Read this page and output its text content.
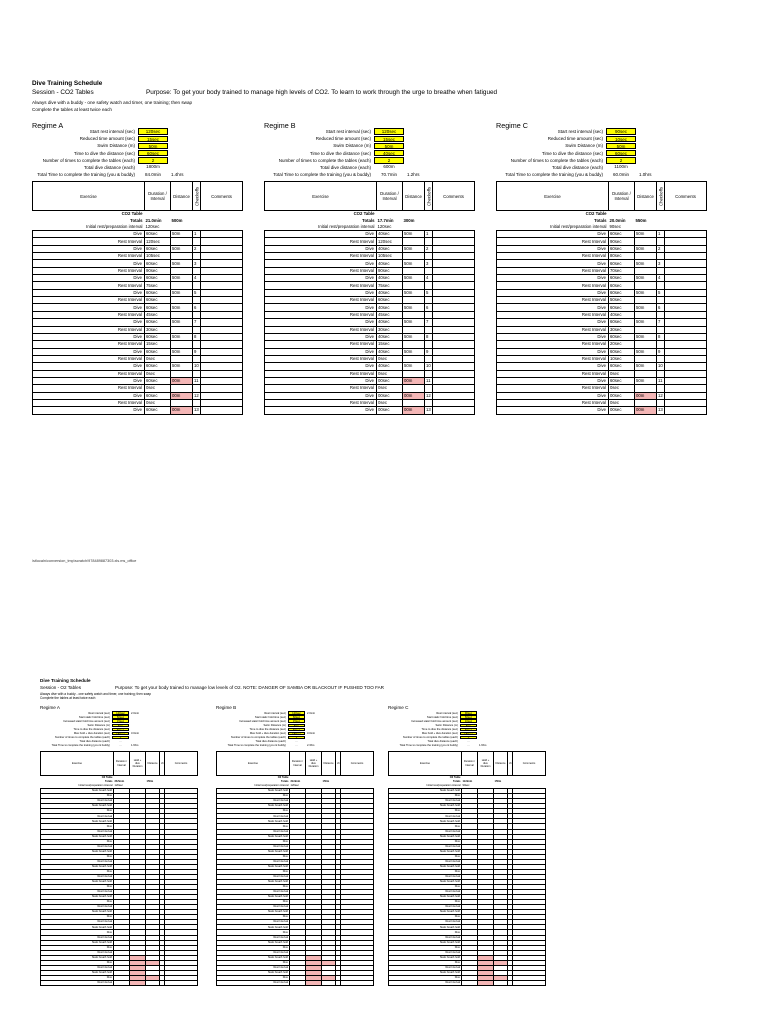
Dive Training Schedule
Session - CO2 Tables	Purpose: To get your body trained to manage high levels of CO2. To learn to work through the urge to breathe when fatigued
Always dive with a buddy - one safety watch and timer, one training; then swap
Complete the tables at least twice each
Regime A
Start rest interval (sec)	120sec
Reduced time amount (sec)	15sec
Swim Distance (m)	50m
Time to dive the distance (sec)	60sec
Number of times to complete the tables (each)	2
Total dive distance (each)	1800m
Total Time to complete the training (you & buddy)	84.0min	1.4hrs
Exercise	Duration / Interval	Distance	Checkoffs	Comments
CO2 Table				
Totals	21.0min	500m		
Initial rest/preparation interval	120sec			
Dive	60sec	50m	1	
Rest Interval	120sec			
Dive	60sec	50m	2	
Rest Interval	105sec			
Dive	60sec	50m	3	
Rest Interval	90sec			
Dive	60sec	50m	4	
Rest Interval	75sec			
Dive	60sec	50m	5	
Rest Interval	60sec			
Dive	60sec	50m	6	
Rest Interval	45sec			
Dive	60sec	50m	7	
Rest Interval	30sec			
Dive	60sec	50m	8	
Rest Interval	15sec			
Dive	60sec	50m	9	
Rest Interval	0sec			
Dive	60sec	50m	10	
Rest Interval	0sec			
Dive	60sec	00m	11	
Rest Interval	0sec			
Dive	60sec	00m	12	
Rest Interval	0sec			
Dive	60sec	00m	13	
Regime B
Start rest interval (sec)	120sec
Reduced time amount (sec)	15sec
Swim Distance (m)	50m
Time to dive the distance (sec)	40sec
Number of times to complete the tables (each)	2
Total dive distance (each)	600m
Total Time to complete the training (you & buddy)	70.7min	1.2hrs
Exercise	Duration / Interval	Distance	Checkoffs	Comments
CO2 Table				
Totals	17.7min	300m		
Initial rest/preparation interval	120sec			
Dive	40sec	50m	1	
Rest Interval	120sec			
Dive	40sec	50m	2	
Rest Interval	105sec			
Dive	40sec	50m	3	
Rest Interval	90sec			
Dive	40sec	50m	4	
Rest Interval	75sec			
Dive	40sec	50m	5	
Rest Interval	60sec			
Dive	40sec	50m	6	
Rest Interval	45sec			
Dive	40sec	50m	7	
Rest Interval	30sec			
Dive	40sec	50m	8	
Rest Interval	15sec			
Dive	40sec	50m	9	
Rest Interval	0sec			
Dive	40sec	50m	10	
Rest Interval	0sec			
Dive	00sec	00m	11	
Rest Interval	0sec			
Dive	00sec	00m	12	
Rest Interval	0sec			
Dive	00sec	00m	13	
Regime C
Start rest interval (sec)	90sec
Reduced time amount (sec)	10sec
Swim Distance (m)	50m
Time to dive the distance (sec)	60sec
Number of times to complete the tables (each)	2
Total dive distance (each)	1100m
Total Time to complete the training (you & buddy)	60.0min	1.0hrs
Exercise	Duration / Interval	Distance	Checkoffs	Comments
CO2 Table				
Totals	20.0min	550m		
Initial rest/preparation interval	90sec			
Dive	60sec	50m	1	
Rest Interval	90sec			
Dive	60sec	50m	2	
Rest Interval	80sec			
Dive	60sec	50m	3	
Rest Interval	70sec			
Dive	60sec	50m	4	
Rest Interval	60sec			
Dive	60sec	50m	5	
Rest Interval	50sec			
Dive	60sec	50m	6	
Rest Interval	40sec			
Dive	60sec	50m	7	
Rest Interval	30sec			
Dive	60sec	50m	8	
Rest Interval	20sec			
Dive	60sec	50m	9	
Rest Interval	10sec			
Dive	60sec	50m	10	
Rest Interval	0sec			
Dive	60sec	50m	11	
Rest Interval	0sec			
Dive	00sec	00m	12	
Rest Interval	0sec			
Dive	00sec	00m	13	
\stlocaln\conversion_tmp\scratch\978489887303.xls.ms_office
Dive Training Schedule
Session - O2 Tables	Purpose: To get your body trained to manage low levels of O2. NOTE: DANGER OF SAMBA OR BLACKOUT IF PUSHED TOO FAR
Always dive with a buddy - one safety watch and timer, one training; then swap
Complete the tables at least twice each
Regime A
Rest interval (sec)	120sec	2.0min
Start static hold time (sec)	60sec
Increased static hold time amount (sec)	15sec
Swim Distance (m)	50m
Time to dive the distance (sec)	60sec
Max hold + dive duration (sec)	180sec	3.0min
Number of times to complete the tables (each)	2
Total dive distance (each)	...
Total Time to complete the training (you & buddy)	...	1.6hrs
Exercise	Duration / Interval	Hold + dive Duration	Distance	ch	Comments
O2 Table					
Totals	28.5min		150m		
Initial rest/preparation interval	120sec				
Static breath hold					
Dive					
Rest Interval					
Static breath hold					
Dive					
Rest Interval					
Static breath hold					
Dive					
Rest Interval					
Static breath hold					
Dive					
Rest Interval					
Static breath hold					
Dive					
Rest Interval					
Static breath hold					
Dive					
Rest Interval					
Static breath hold					
Dive					
Rest Interval					
Static breath hold					
Dive					
Rest Interval					
Static breath hold					
Dive					
Rest Interval					
Static breath hold					
Dive					
Rest Interval					
Static breath hold					
Dive					
Rest Interval					
Static breath hold					
Dive					
Rest Interval					
Static breath hold					
Dive					
Rest Interval					
Regime B
Rest interval (sec)	120sec	2.0min
Start static hold time (sec)	60sec
Increased static hold time amount (sec)	15sec
Swim Distance (m)	50m
Time to dive the distance (sec)	60sec
Max hold + dive duration (sec)	180sec	3.0min
Number of times to complete the tables (each)	2
Total dive distance (each)	...
Total Time to complete the training (you & buddy)	...	2.3hrs
Exercise	Duration / Interval	Hold + dive Duration	Distance	ch	Comments
O2 Table					
Totals	29.3min		150m		
Initial rest/preparation interval	120sec				
Static breath hold					
Dive					
Rest Interval					
Static breath hold					
Dive					
Rest Interval					
Static breath hold					
Dive					
Rest Interval					
Static breath hold					
Dive					
Rest Interval					
Static breath hold					
Dive					
Rest Interval					
Static breath hold					
Dive					
Rest Interval					
Static breath hold					
Dive					
Rest Interval					
Static breath hold					
Dive					
Rest Interval					
Static breath hold					
Dive					
Rest Interval					
Static breath hold					
Dive					
Rest Interval					
Static breath hold					
Dive					
Rest Interval					
Static breath hold					
Dive					
Rest Interval					
Static breath hold					
Dive					
Rest Interval					
Regime C
Rest interval (sec)	90sec
Start static hold time (sec)	60sec
Increased static hold time amount (sec)	10sec
Swim Distance (m)	50m
Time to dive the distance (sec)	60sec
Max hold + dive duration (sec)	180sec
Number of times to complete the tables (each)	2
Total dive distance (each)	...
Total Time to complete the training (you & buddy)	...	1.6hrs
Exercise	Duration / Interval	Hold + dive Duration	Distance	ch	Comments
O2 Table					
Totals	19.0min		150m		
Initial rest/preparation interval	90sec				
Static breath hold					
Dive					
Rest Interval					
Static breath hold					
Dive					
Rest Interval					
Static breath hold					
Dive					
Rest Interval					
Static breath hold					
Dive					
Rest Interval					
Static breath hold					
Dive					
Rest Interval					
Static breath hold					
Dive					
Rest Interval					
Static breath hold					
Dive					
Rest Interval					
Static breath hold					
Dive					
Rest Interval					
Static breath hold					
Dive					
Rest Interval					
Static breath hold					
Dive					
Rest Interval					
Static breath hold					
Dive					
Rest Interval					
Static breath hold					
Dive					
Rest Interval					
Static breath hold					
Dive					
Rest Interval					
